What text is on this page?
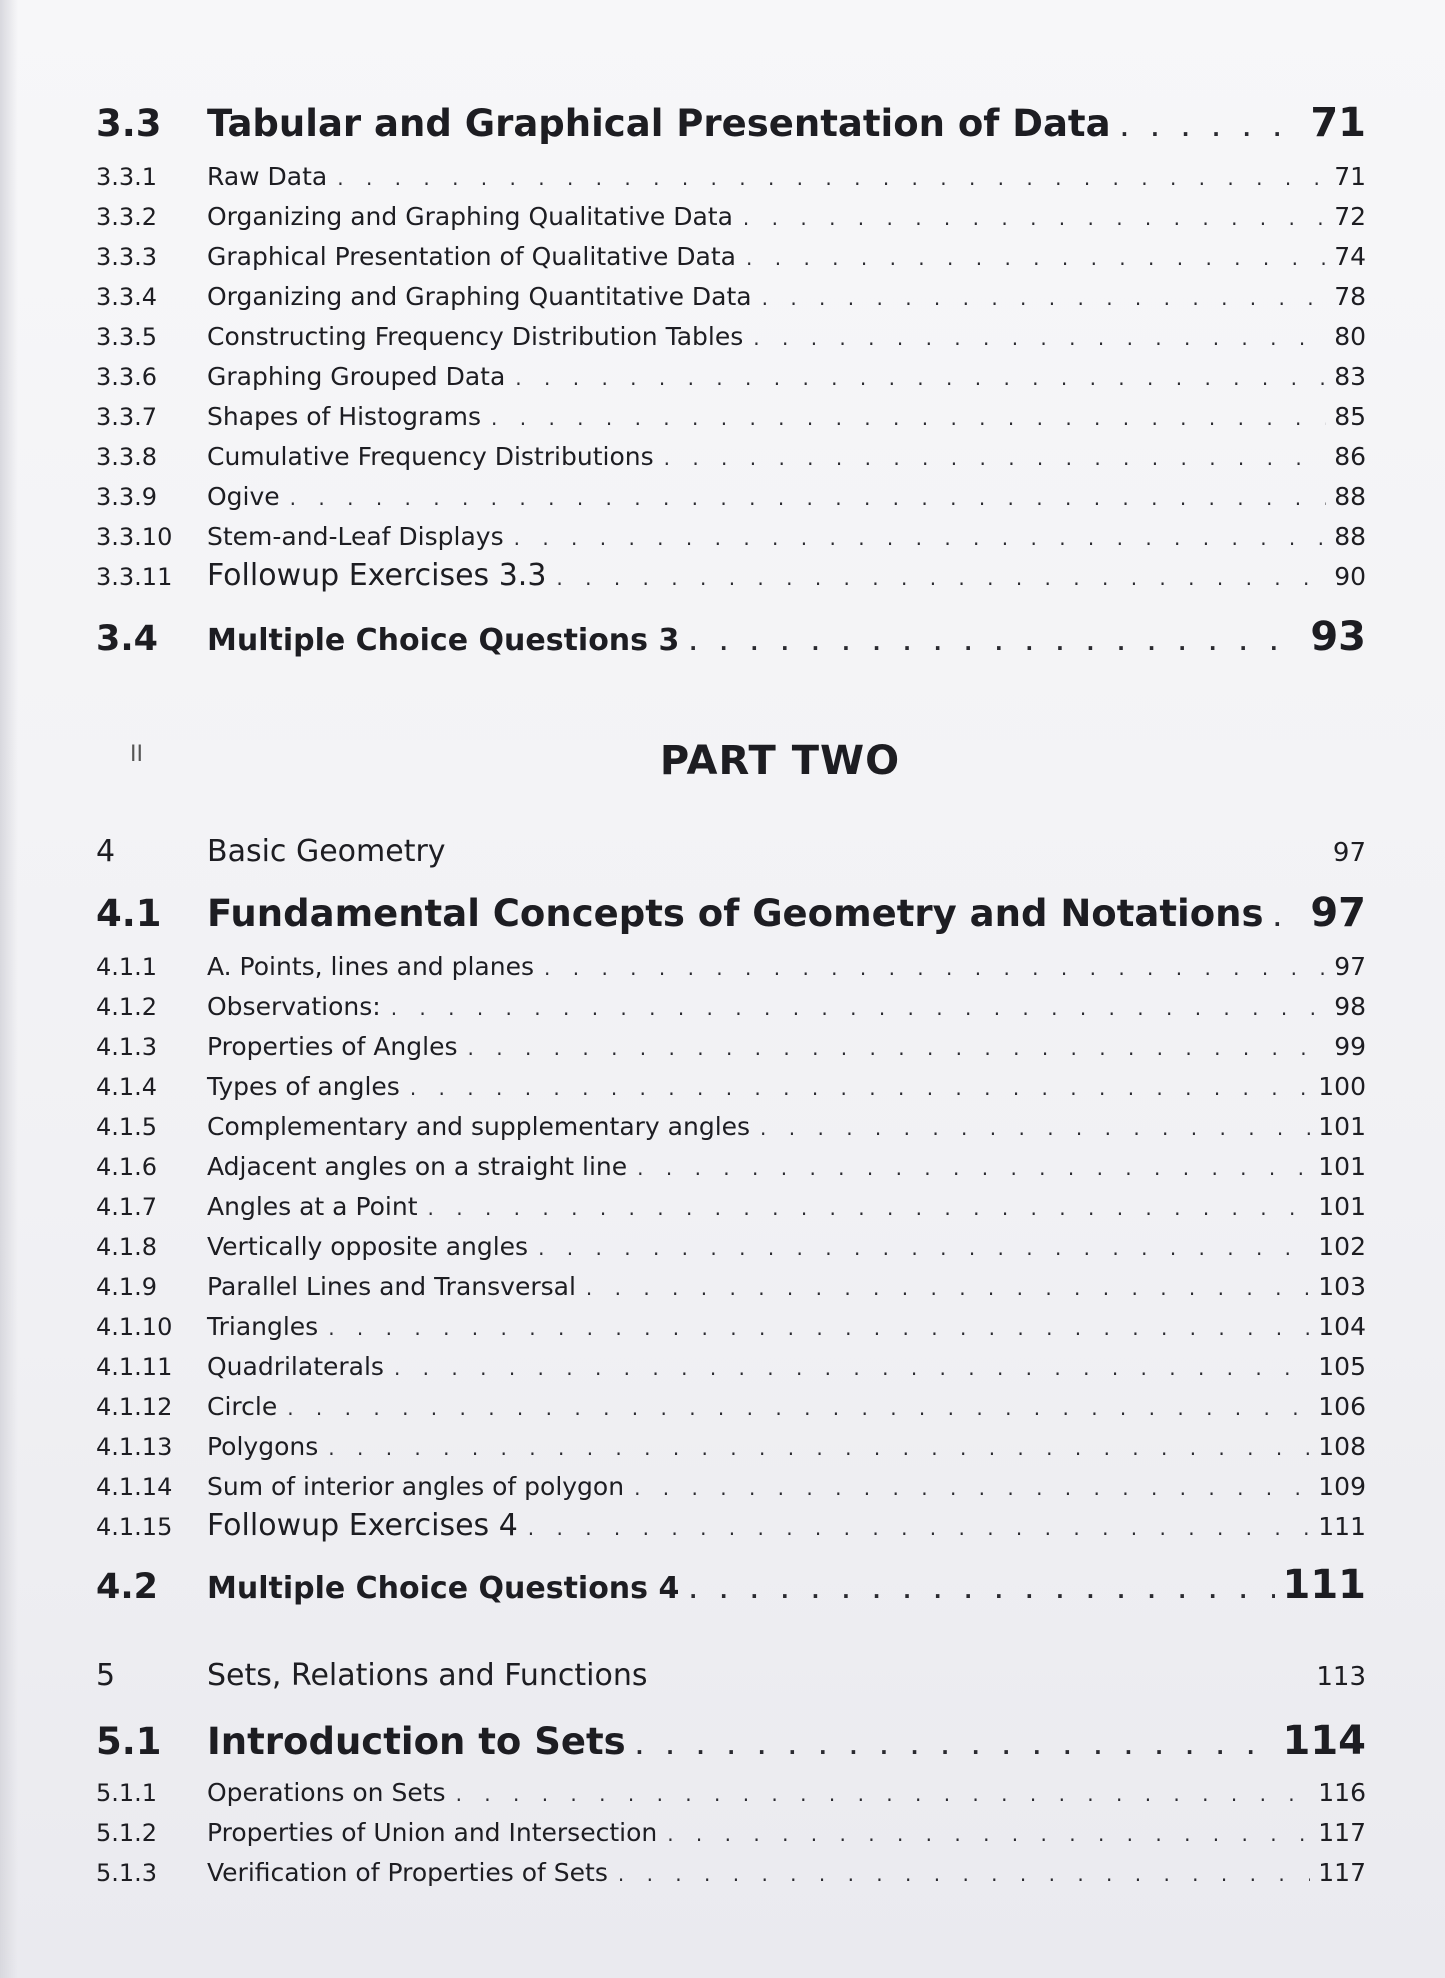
3.3	Tabular and Graphical Presentation of Data . . .	71
3.3.1	Raw Data . . .	71
3.3.2	Organizing and Graphing Qualitative Data . . .	72
3.3.3	Graphical Presentation of Qualitative Data . . .	74
3.3.4	Organizing and Graphing Quantitative Data . . .	78
3.3.5	Constructing Frequency Distribution Tables . . .	80
3.3.6	Graphing Grouped Data . . .	83
3.3.7	Shapes of Histograms . . .	85
3.3.8	Cumulative Frequency Distributions . . .	86
3.3.9	Ogive . . .	88
3.3.10	Stem-and-Leaf Displays . . .	88
3.3.11	Followup Exercises 3.3 . . .	90
3.4	Multiple Choice Questions 3 . . .	93
II	PART TWO
4	Basic Geometry	97
4.1	Fundamental Concepts of Geometry and Notations . . . 97
4.1.1	A. Points, lines and planes . . .	97
4.1.2	Observations: . . .	98
4.1.3	Properties of Angles . . .	99
4.1.4	Types of angles . . .	100
4.1.5	Complementary and supplementary angles . . .	101
4.1.6	Adjacent angles on a straight line . . .	101
4.1.7	Angles at a Point . . .	101
4.1.8	Vertically opposite angles . . .	102
4.1.9	Parallel Lines and Transversal . . .	103
4.1.10	Triangles . . .	104
4.1.11	Quadrilaterals . . .	105
4.1.12	Circle . . .	106
4.1.13	Polygons . . .	108
4.1.14	Sum of interior angles of polygon . . .	109
4.1.15	Followup Exercises 4 . . .	111
4.2	Multiple Choice Questions 4 . . .	111
5	Sets, Relations and Functions	113
5.1	Introduction to Sets . . .	114
5.1.1	Operations on Sets . . .	116
5.1.2	Properties of Union and Intersection . . .	117
5.1.3	Verification of Properties of Sets . . .	117
